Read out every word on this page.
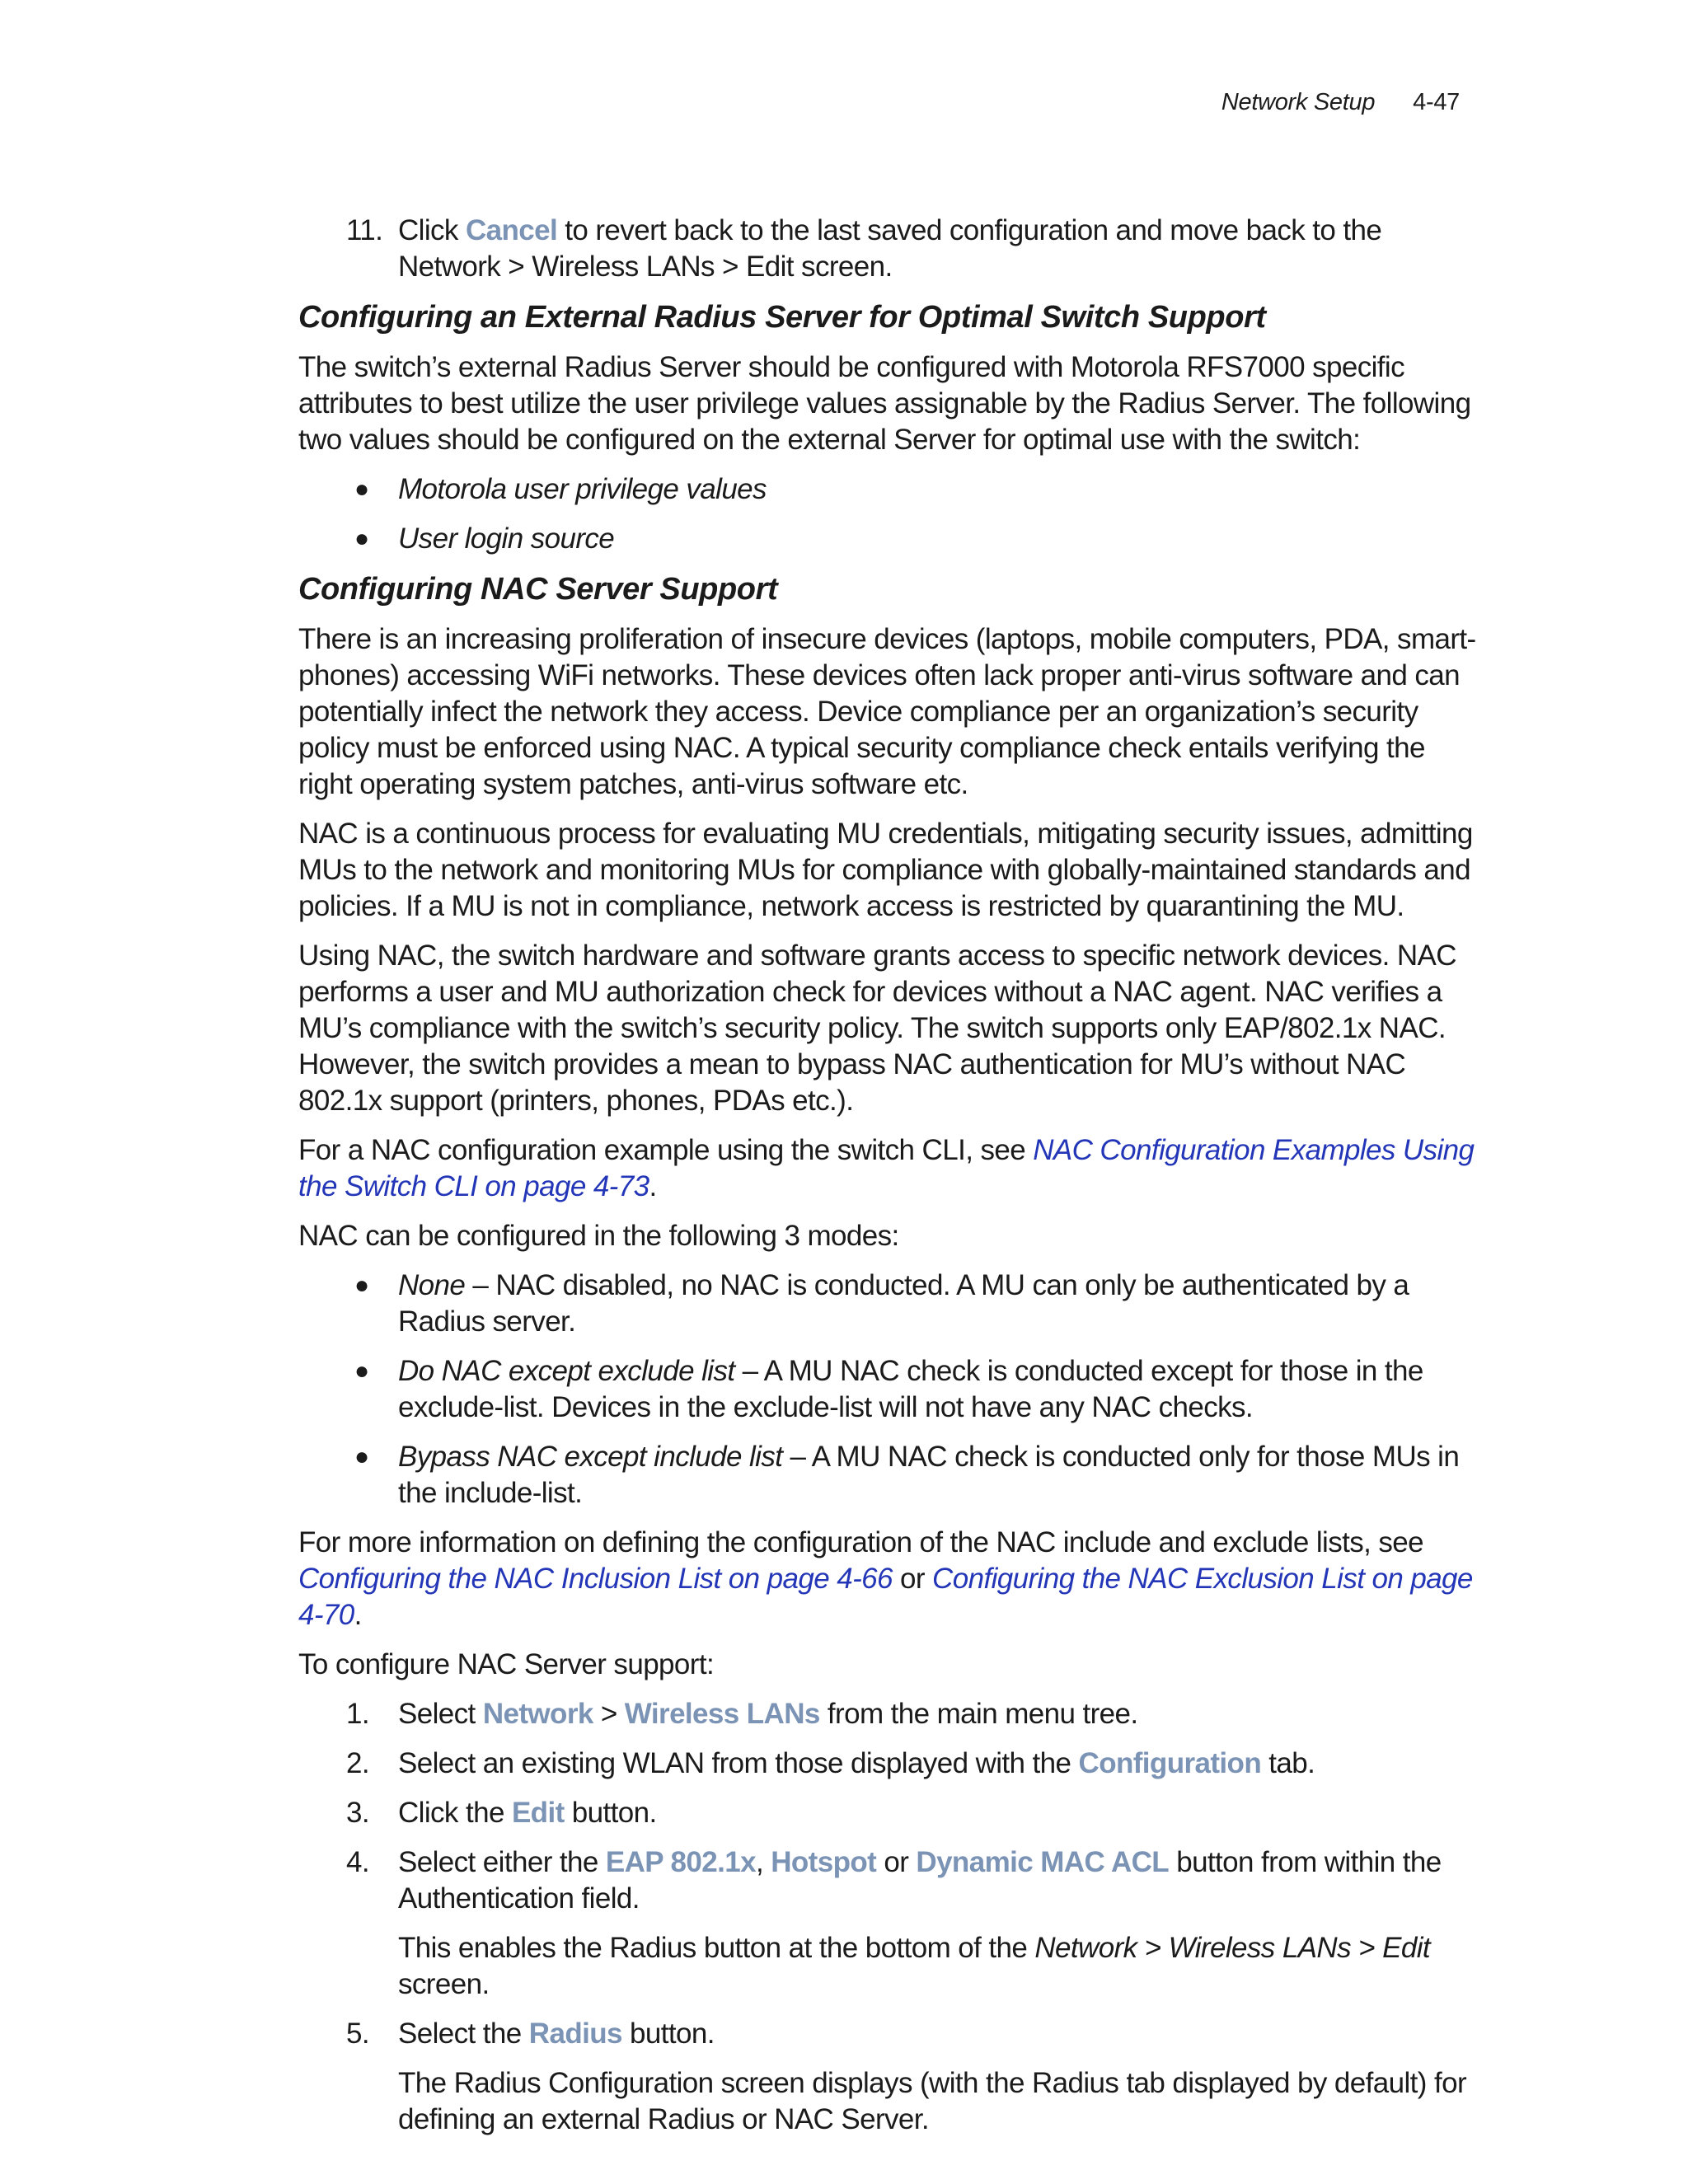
Network Setup 4-47
11. Click Cancel to revert back to the last saved configuration and move back to the Network > Wireless LANs > Edit screen.
Configuring an External Radius Server for Optimal Switch Support

The switch’s external Radius Server should be configured with Motorola RFS7000 specific attributes to best utilize the user privilege values assignable by the Radius Server. The following two values should be configured on the external Server for optimal use with the switch:

●	Motorola user privilege values
●	User login source
Configuring NAC Server Support

There is an increasing proliferation of insecure devices (laptops, mobile computers, PDA, smart-phones) accessing WiFi networks. These devices often lack proper anti-virus software and can potentially infect the network they access. Device compliance per an organization’s security policy must be enforced using NAC. A typical security compliance check entails verifying the right operating system patches, anti-virus software etc.

NAC is a continuous process for evaluating MU credentials, mitigating security issues, admitting MUs to the network and monitoring MUs for compliance with globally-maintained standards and policies. If a MU is not in compliance, network access is restricted by quarantining the MU.

Using NAC, the switch hardware and software grants access to specific network devices. NAC performs a user and MU authorization check for devices without a NAC agent. NAC verifies a MU’s compliance with the switch’s security policy. The switch supports only EAP/802.1x NAC. However, the switch provides a mean to bypass NAC authentication for MU’s without NAC 802.1x support (printers, phones, PDAs etc.).

For a NAC configuration example using the switch CLI, see NAC Configuration Examples Using the Switch CLI on page 4-73.

NAC can be configured in the following 3 modes:

●	None – NAC disabled, no NAC is conducted. A MU can only be authenticated by a Radius server.
●	Do NAC except exclude list – A MU NAC check is conducted except for those in the exclude-list. Devices in the exclude-list will not have any NAC checks.
●	Bypass NAC except include list – A MU NAC check is conducted only for those MUs in the include-list.

For more information on defining the configuration of the NAC include and exclude lists, see Configuring the NAC Inclusion List on page 4-66 or Configuring the NAC Exclusion List on page 4-70.

To configure NAC Server support:

1.	Select Network > Wireless LANs from the main menu tree.
2.	Select an existing WLAN from those displayed with the Configuration tab.
3.	Click the Edit button.
4.	Select either the EAP 802.1x, Hotspot or Dynamic MAC ACL button from within the Authentication field.

This enables the Radius button at the bottom of the Network > Wireless LANs > Edit screen.

5.	Select the Radius button.

The Radius Configuration screen displays (with the Radius tab displayed by default) for defining an external Radius or NAC Server.
